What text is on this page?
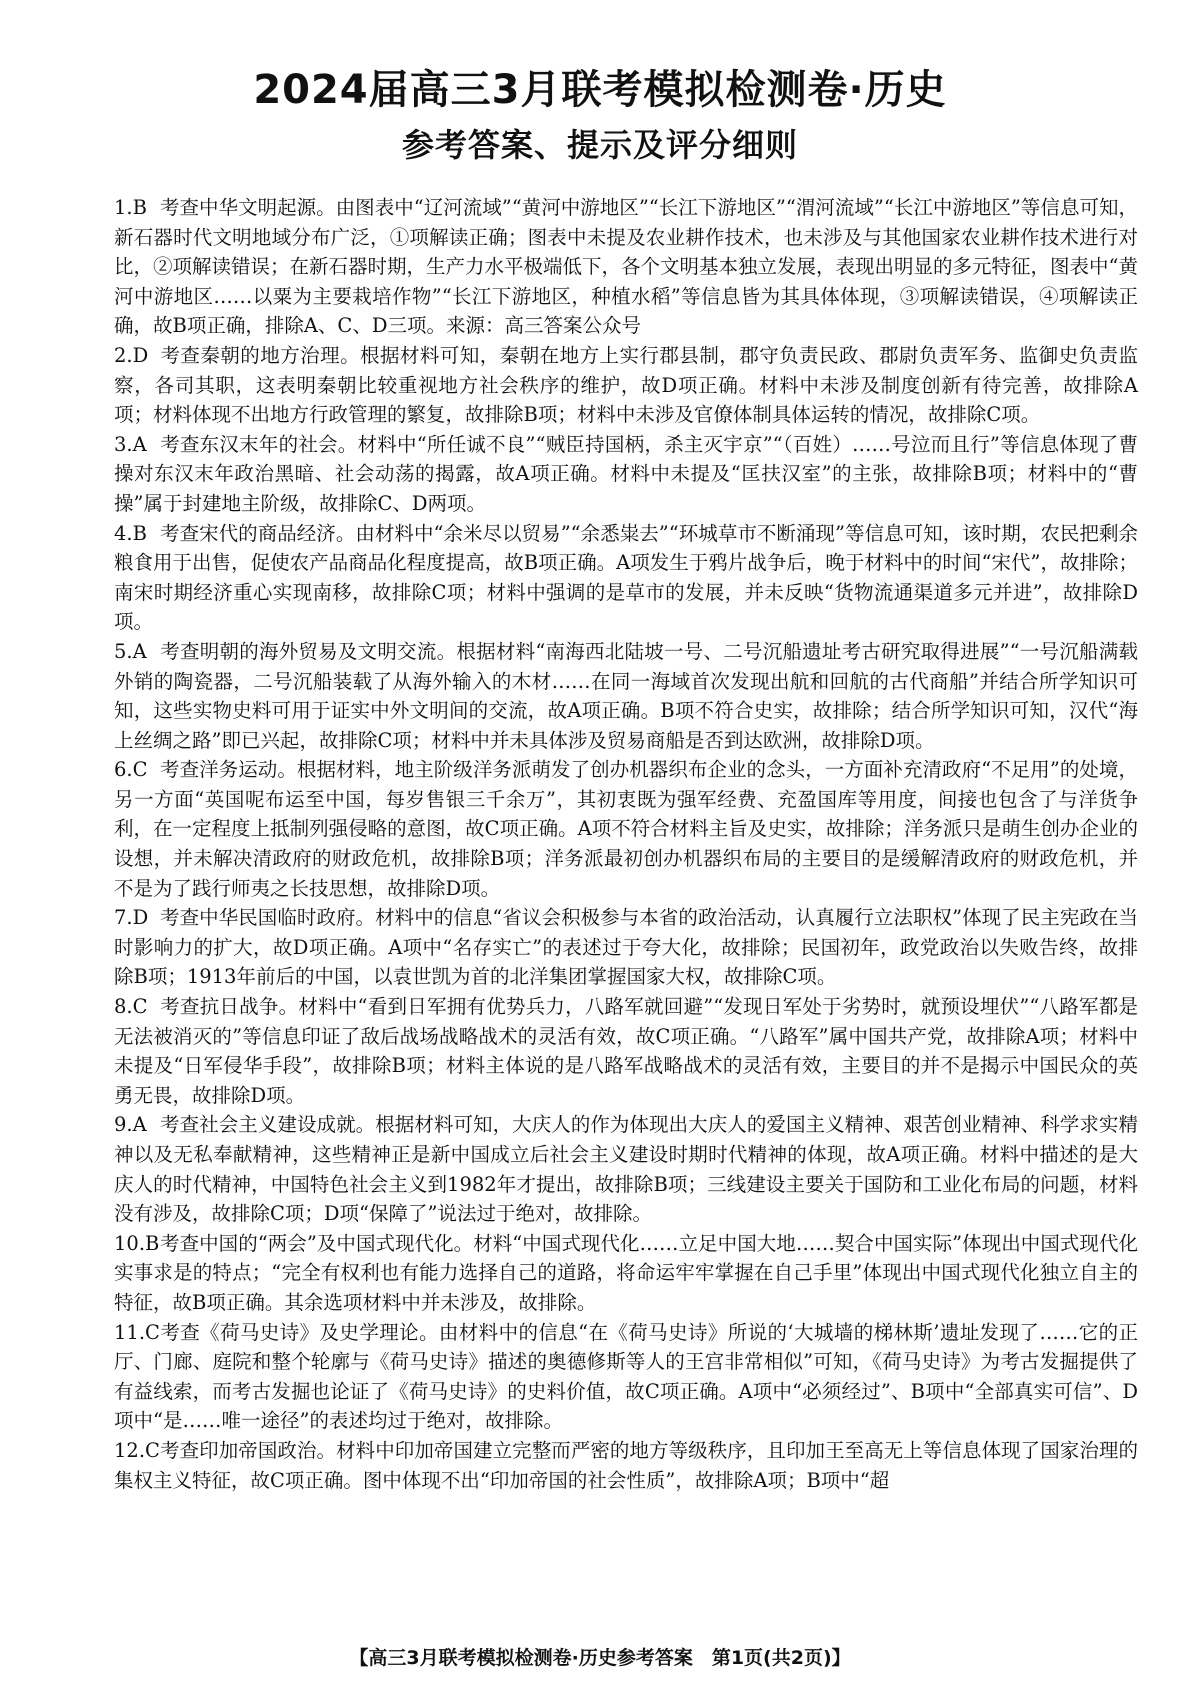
2024届高三3月联考模拟检测卷·历史
参考答案、提示及评分细则
1.B 考查中华文明起源。由图表中“辽河流域”“黄河中游地区”“长江下游地区”“渭河流域”“长江中游地区”等信息可知，新石器时代文明地域分布广泛，①项解读正确；图表中未提及农业耕作技术，也未涉及与其他国家农业耕作技术进行对比，②项解读错误；在新石器时期，生产力水平极端低下，各个文明基本独立发展，表现出明显的多元特征，图表中“黄河中游地区……以粟为主要栽培作物”“长江下游地区，种植水稻”等信息皆为其具体体现，③项解读错误，④项解读正确，故B项正确，排除A、C、D三项。来源：高三答案公众号
2.D 考查秦朝的地方治理。根据材料可知，秦朝在地方上实行郡县制，郡守负责民政、郡尉负责军务、监御史负责监察，各司其职，这表明秦朝比较重视地方社会秩序的维护，故D项正确。材料中未涉及制度创新有待完善，故排除A项；材料体现不出地方行政管理的繁复，故排除B项；材料中未涉及官僚体制具体运转的情况，故排除C项。
3.A 考查东汉末年的社会。材料中“所任诚不良”“贼臣持国柄，杀主灭宇京”“（百姓）……号泣而且行”等信息体现了曹操对东汉末年政治黑暗、社会动荡的揭露，故A项正确。材料中未提及“匡扶汉室”的主张，故排除B项；材料中的“曹操”属于封建地主阶级，故排除C、D两项。
4.B 考查宋代的商品经济。由材料中“余米尽以贸易”“余悉粜去”“环城草市不断涌现”等信息可知，该时期，农民把剩余粮食用于出售，促使农产品商品化程度提高，故B项正确。A项发生于鸦片战争后，晚于材料中的时间“宋代”，故排除；南宋时期经济重心实现南移，故排除C项；材料中强调的是草市的发展，并未反映“货物流通渠道多元并进”，故排除D项。
5.A 考查明朝的海外贸易及文明交流。根据材料“南海西北陆坡一号、二号沉船遗址考古研究取得进展”“一号沉船满载外销的陶瓷器，二号沉船装载了从海外输入的木材……在同一海域首次发现出航和回航的古代商船”并结合所学知识可知，这些实物史料可用于证实中外文明间的交流，故A项正确。B项不符合史实，故排除；结合所学知识可知，汉代“海上丝绸之路”即已兴起，故排除C项；材料中并未具体涉及贸易商船是否到达欧洲，故排除D项。
6.C 考查洋务运动。根据材料，地主阶级洋务派萌发了创办机器织布企业的念头，一方面补充清政府“不足用”的处境，另一方面“英国呢布运至中国，每岁售银三千余万”，其初衷既为强军经费、充盈国库等用度，间接也包含了与洋货争利，在一定程度上抵制列强侵略的意图，故C项正确。A项不符合材料主旨及史实，故排除；洋务派只是萌生创办企业的设想，并未解决清政府的财政危机，故排除B项；洋务派最初创办机器织布局的主要目的是缓解清政府的财政危机，并不是为了践行师夷之长技思想，故排除D项。
7.D 考查中华民国临时政府。材料中的信息“省议会积极参与本省的政治活动，认真履行立法职权”体现了民主宪政在当时影响力的扩大，故D项正确。A项中“名存实亡”的表述过于夸大化，故排除；民国初年，政党政治以失败告终，故排除B项；1913年前后的中国，以袁世凯为首的北洋集团掌握国家大权，故排除C项。
8.C 考查抗日战争。材料中“看到日军拥有优势兵力，八路军就回避”“发现日军处于劣势时，就预设埋伏”“八路军都是无法被消灭的”等信息印证了敌后战场战略战术的灵活有效，故C项正确。“八路军”属中国共产党，故排除A项；材料中未提及“日军侵华手段”，故排除B项；材料主体说的是八路军战略战术的灵活有效，主要目的并不是揭示中国民众的英勇无畏，故排除D项。
9.A 考查社会主义建设成就。根据材料可知，大庆人的作为体现出大庆人的爱国主义精神、艰苦创业精神、科学求实精神以及无私奉献精神，这些精神正是新中国成立后社会主义建设时期时代精神的体现，故A项正确。材料中描述的是大庆人的时代精神，中国特色社会主义到1982年才提出，故排除B项；三线建设主要关于国防和工业化布局的问题，材料没有涉及，故排除C项；D项“保障了”说法过于绝对，故排除。
10.B考查中国的“两会”及中国式现代化。材料“中国式现代化……立足中国大地……契合中国实际”体现出中国式现代化实事求是的特点；“完全有权利也有能力选择自己的道路，将命运牢牢掌握在自己手里”体现出中国式现代化独立自主的特征，故B项正确。其余选项材料中并未涉及，故排除。
11.C考查《荷马史诗》及史学理论。由材料中的信息“在《荷马史诗》所说的‘大城墙的梯林斯’遗址发现了……它的正厅、门廊、庭院和整个轮廓与《荷马史诗》描述的奥德修斯等人的王宫非常相似”可知，《荷马史诗》为考古发掘提供了有益线索，而考古发掘也论证了《荷马史诗》的史料价值，故C项正确。A项中“必须经过”、B项中“全部真实可信”、D项中“是……唯一途径”的表述均过于绝对，故排除。
12.C考查印加帝国政治。材料中印加帝国建立完整而严密的地方等级秩序，且印加王至高无上等信息体现了国家治理的集权主义特征，故C项正确。图中体现不出“印加帝国的社会性质”，故排除A项；B项中“超
【高三3月联考模拟检测卷·历史参考答案　第1页(共2页)】
